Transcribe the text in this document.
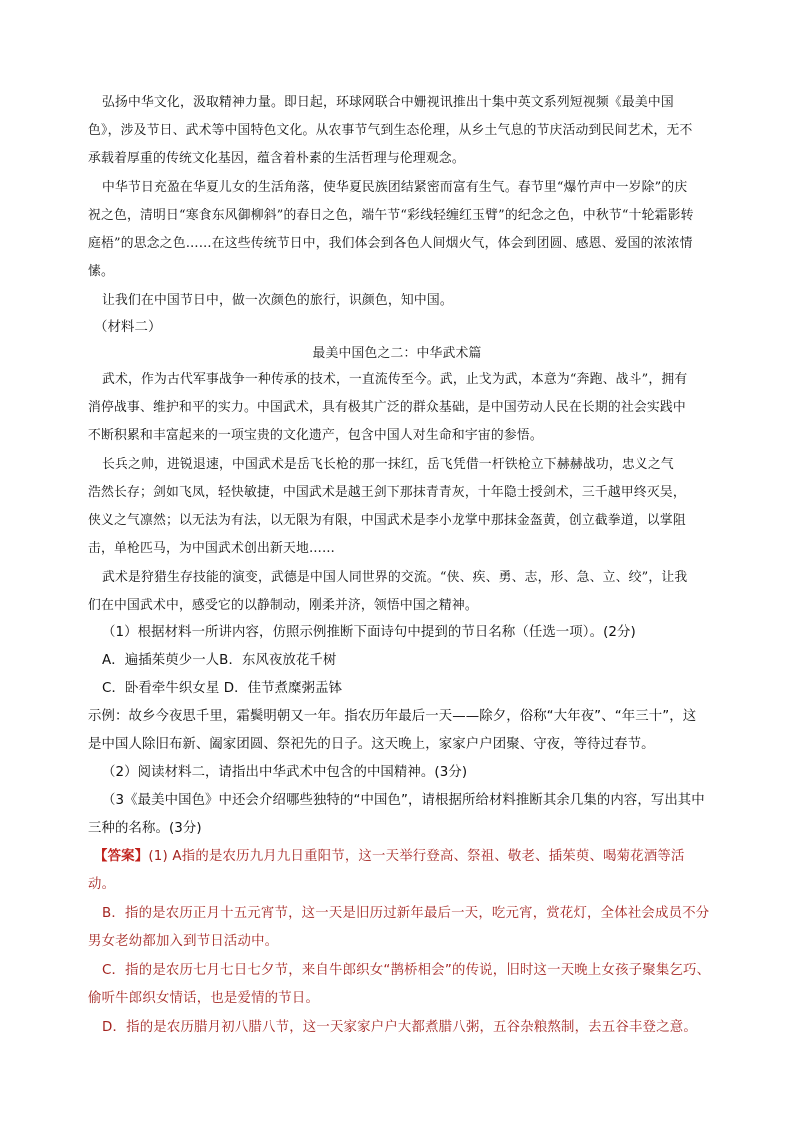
弘扬中华文化，汲取精神力量。即日起，环球网联合中姗视讯推出十集中英文系列短视频《最美中国

色》，涉及节日、武术等中国特色文化。从农事节气到生态伦理，从乡土气息的节庆活动到民间艺术，无不

承载着厚重的传统文化基因，蕴含着朴素的生活哲理与伦理观念。

中华节日充盈在华夏儿女的生活角落，使华夏民族团结紧密而富有生气。春节里“爆竹声中一岁除”的庆

祝之色，清明日“寒食东风御柳斜”的春日之色，端午节“彩线轻缠红玉臂”的纪念之色，中秋节“十轮霜影转

庭梧”的思念之色……在这些传统节日中，我们体会到各色人间烟火气，体会到团圆、感恩、爱国的浓浓情

愫。

让我们在中国节日中，做一次颜色的旅行，识颜色，知中国。

（材料二）

最美中国色之二：中华武术篇

武术，作为古代军事战争一种传承的技术，一直流传至今。武，止戈为武，本意为“奔跑、战斗”，拥有

消停战事、维护和平的实力。中国武术，具有极其广泛的群众基础，是中国劳动人民在长期的社会实践中

不断积累和丰富起来的一项宝贵的文化遗产，包含中国人对生命和宇宙的参悟。

长兵之帅，进锐退速，中国武术是岳飞长枪的那一抹红，岳飞凭借一杆铁枪立下赫赫战功，忠义之气

浩然长存；剑如飞凤，轻快敏捷，中国武术是越王剑下那抹青青灰，十年隐士授剑术，三千越甲终灭吴，

侠义之气凛然；以无法为有法，以无限为有限，中国武术是李小龙掌中那抹金盔黄，创立截拳道，以掌阻

击，单枪匹马，为中国武术创出新天地……

武术是狩猎生存技能的演变，武德是中国人同世界的交流。“侠、疾、勇、志，形、急、立、绞”，让我

们在中国武术中，感受它的以静制动，刚柔并济，领悟中国之精神。

（1）根据材料一所讲内容，仿照示例推断下面诗句中提到的节日名称（任选一项）。(2分)

A．遍插茱萸少一人B．东风夜放花千树

C．卧看牵牛织女星 D．佳节煮糜粥盂钵

示例：故乡今夜思千里，霜鬓明朝又一年。指农历年最后一天——除夕，俗称“大年夜”、“年三十”，这

是中国人除旧布新、阖家团圆、祭祀先的日子。这天晚上，家家户户团聚、守夜，等待过春节。

（2）阅读材料二，请指出中华武术中包含的中国精神。(3分)

（3《最美中国色》中还会介绍哪些独特的“中国色”，请根据所给材料推断其余几集的内容，写出其中

三种的名称。(3分)

【答案】(1) A指的是农历九月九日重阳节，这一天举行登高、祭祖、敬老、插茱萸、喝菊花酒等活

动。

B．指的是农历正月十五元宵节，这一天是旧历过新年最后一天，吃元宵，赏花灯，全体社会成员不分

男女老幼都加入到节日活动中。

C．指的是农历七月七日七夕节，来自牛郎织女“鹊桥相会”的传说，旧时这一天晚上女孩子聚集乞巧、

偷听牛郎织女情话，也是爱情的节日。

D．指的是农历腊月初八腊八节，这一天家家户户大都煮腊八粥，五谷杂粮熬制，去五谷丰登之意。
